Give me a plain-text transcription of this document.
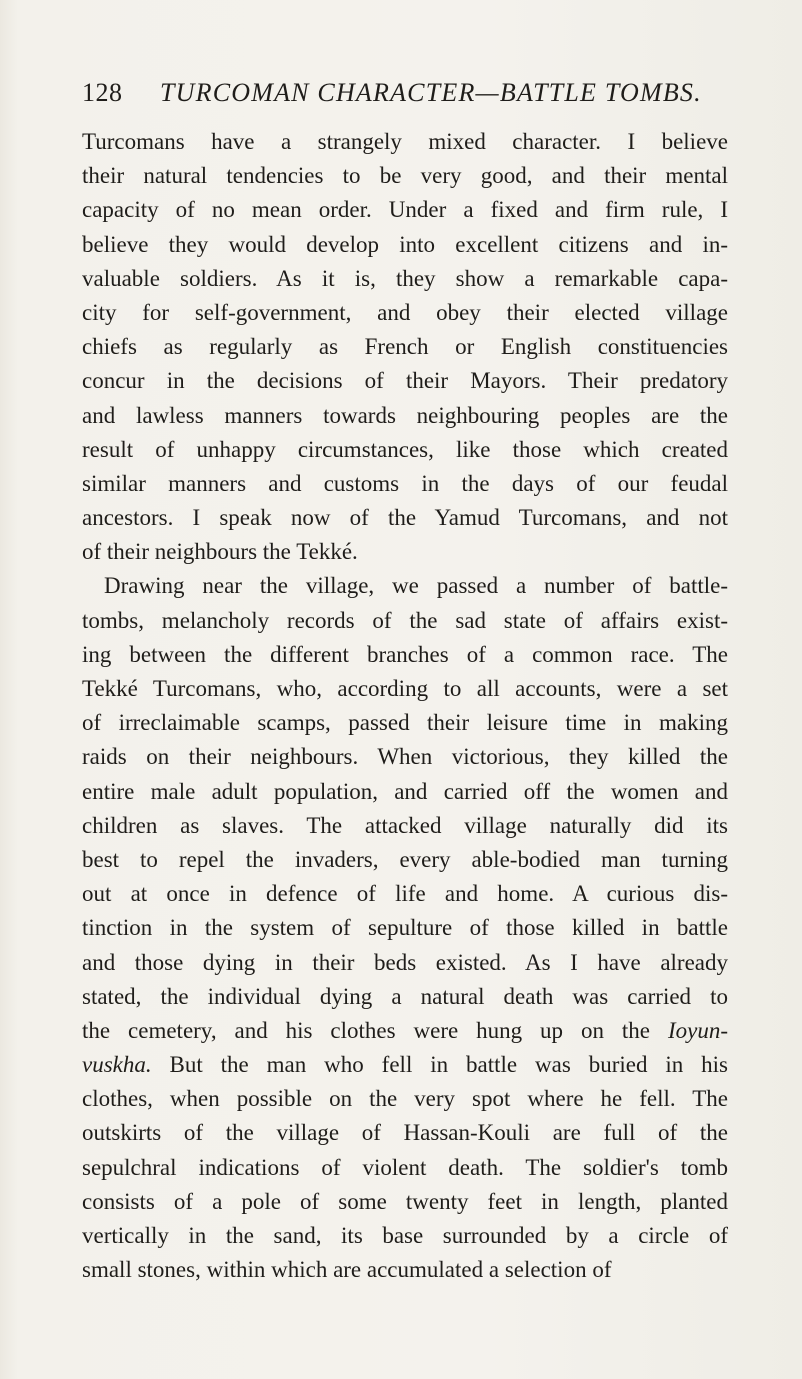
128 TURCOMAN CHARACTER—BATTLE TOMBS.
Turcomans have a strangely mixed character. I believe
their natural tendencies to be very good, and their mental
capacity of no mean order. Under a fixed and firm rule, I
believe they would develop into excellent citizens and in-
valuable soldiers. As it is, they show a remarkable capa-
city for self-government, and obey their elected village
chiefs as regularly as French or English constituencies
concur in the decisions of their Mayors. Their predatory
and lawless manners towards neighbouring peoples are the
result of unhappy circumstances, like those which created
similar manners and customs in the days of our feudal
ancestors. I speak now of the Yamud Turcomans, and not
of their neighbours the Tekké.
Drawing near the village, we passed a number of battle-
tombs, melancholy records of the sad state of affairs exist-
ing between the different branches of a common race. The
Tekké Turcomans, who, according to all accounts, were a set
of irreclaimable scamps, passed their leisure time in making
raids on their neighbours. When victorious, they killed the
entire male adult population, and carried off the women and
children as slaves. The attacked village naturally did its
best to repel the invaders, every able-bodied man turning
out at once in defence of life and home. A curious dis-
tinction in the system of sepulture of those killed in battle
and those dying in their beds existed. As I have already
stated, the individual dying a natural death was carried to
the cemetery, and his clothes were hung up on the Ioyun-
vuskha. But the man who fell in battle was buried in his
clothes, when possible on the very spot where he fell. The
outskirts of the village of Hassan-Kouli are full of the
sepulchral indications of violent death. The soldier's tomb
consists of a pole of some twenty feet in length, planted
vertically in the sand, its base surrounded by a circle of
small stones, within which are accumulated a selection of
